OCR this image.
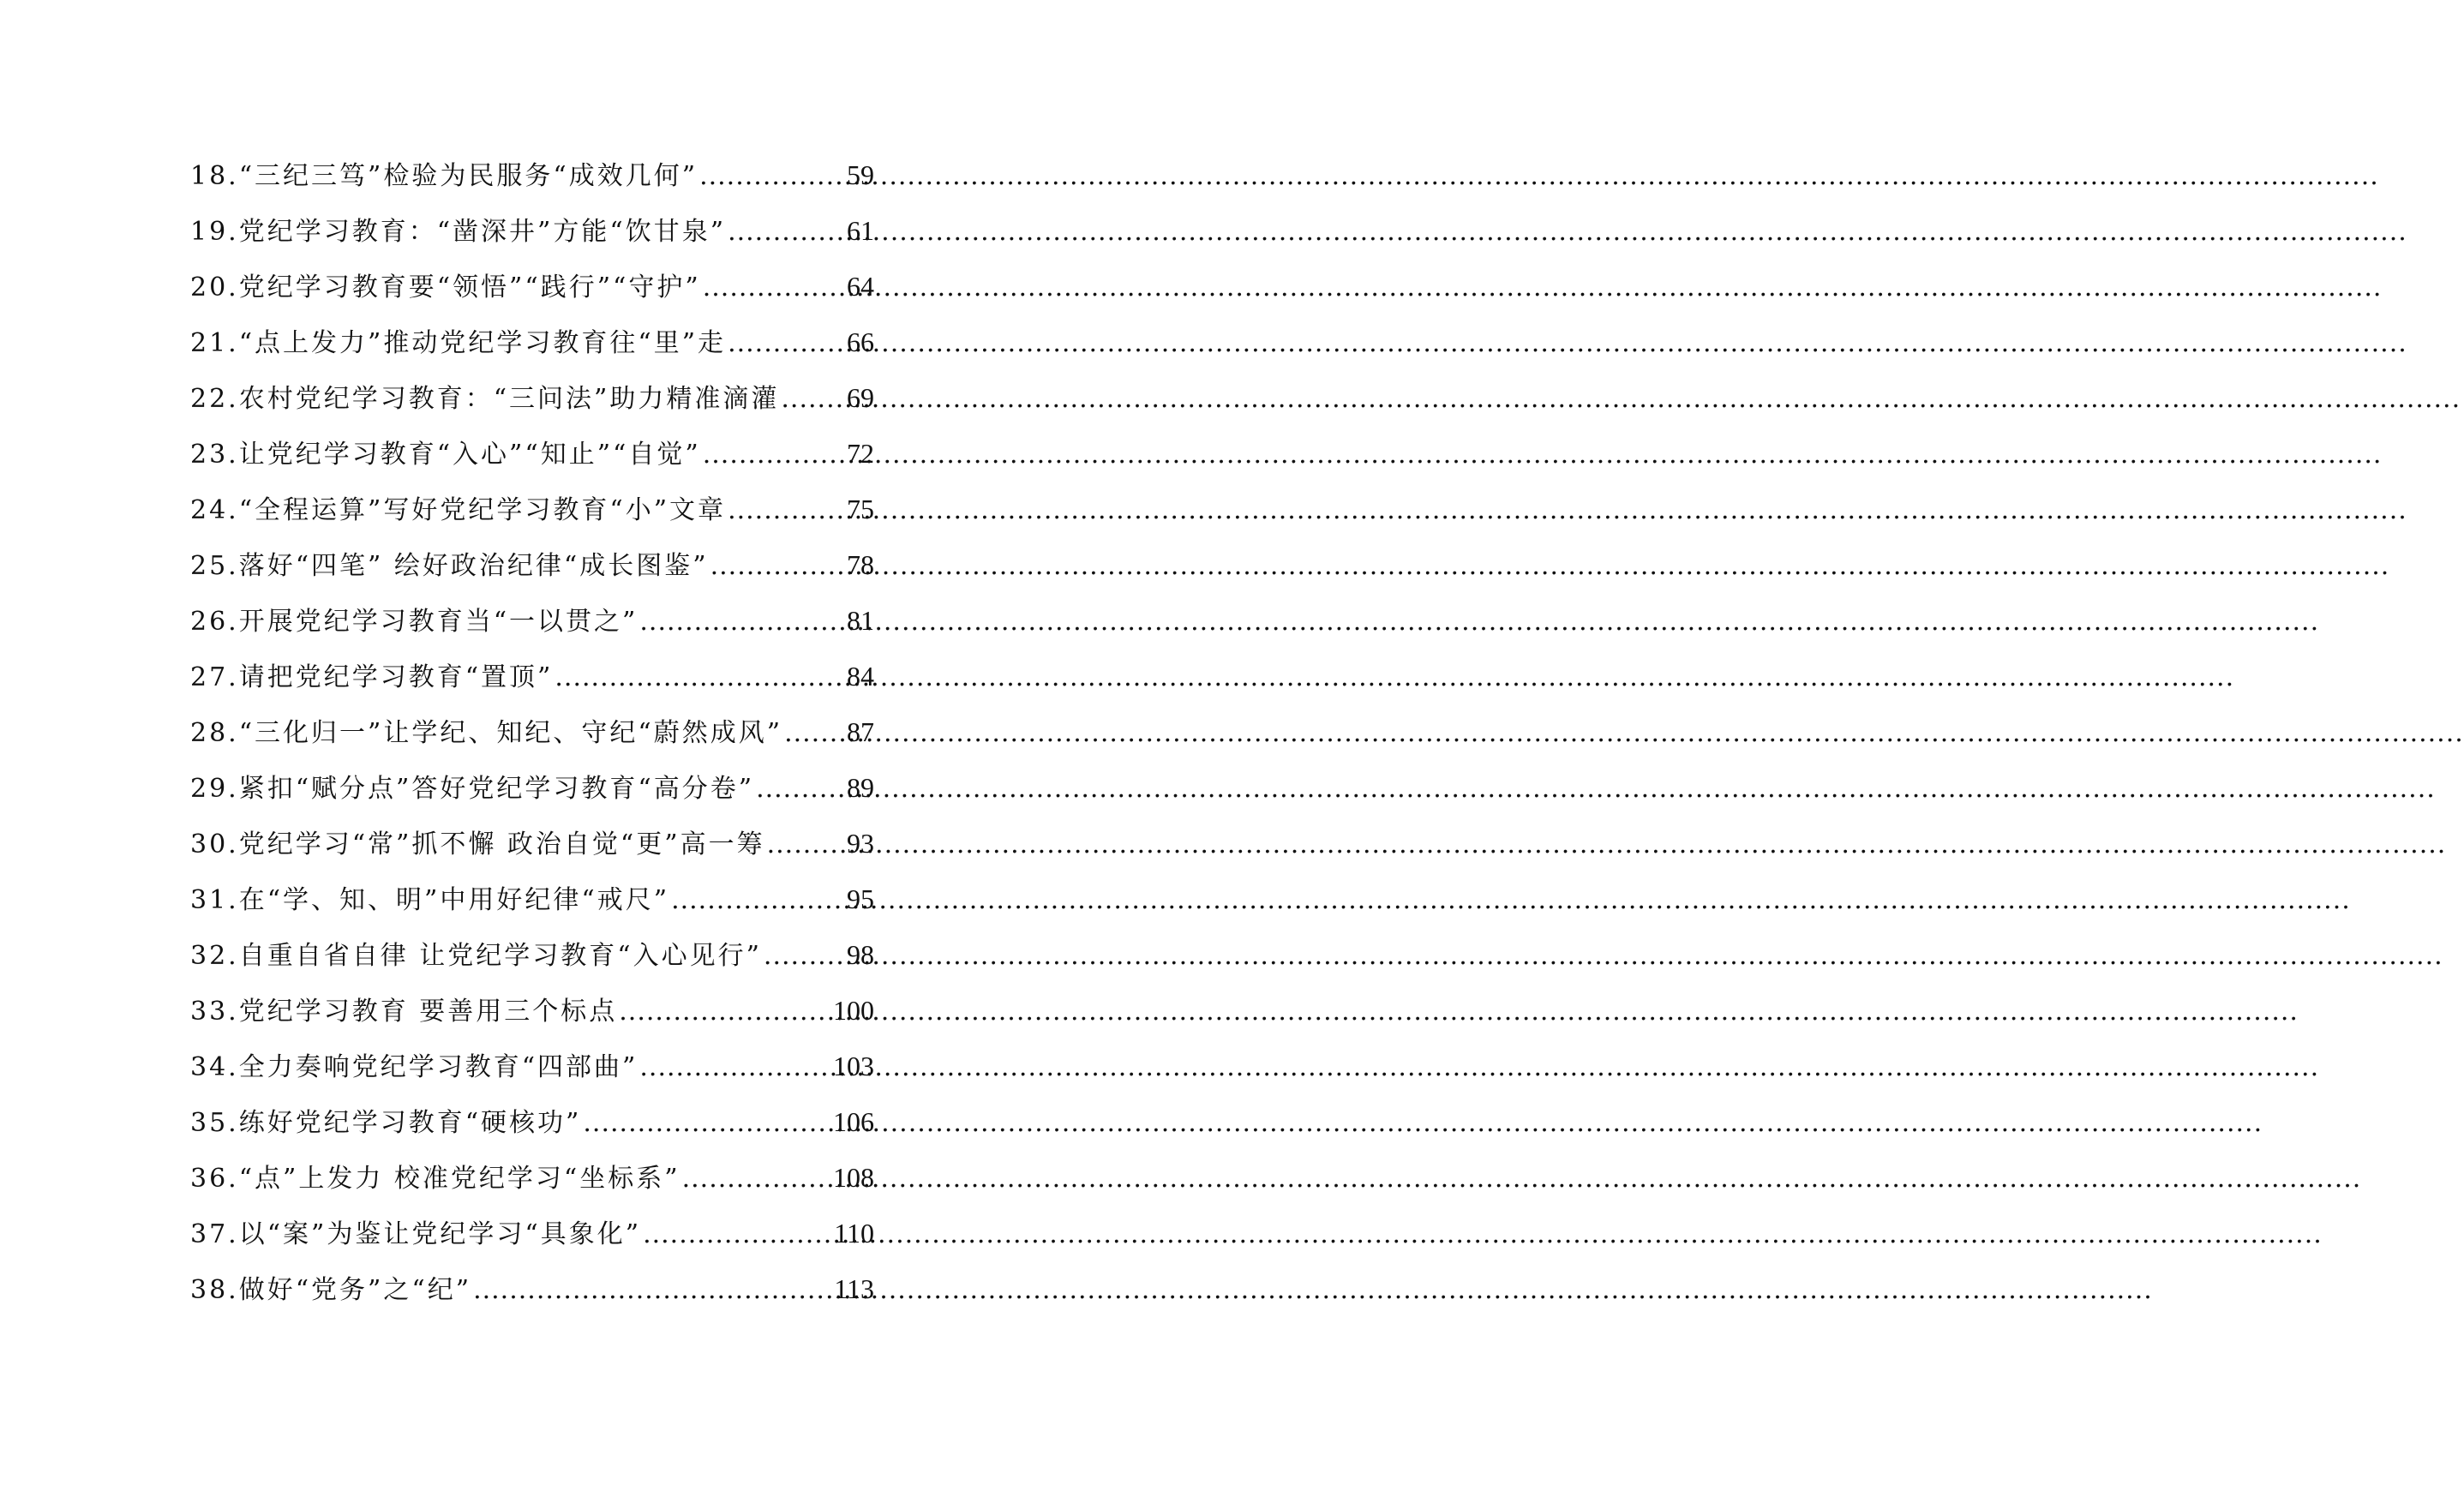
18.“三纪三笃”检验为民服务“成效几何” .....	59
19.党纪学习教育：“凿深井”方能“饮甘泉” .....	61
20.党纪学习教育要“领悟”“践行”“守护” .....	64
21.“点上发力”推动党纪学习教育往“里”走 .....	66
22.农村党纪学习教育：“三问法”助力精准滴灌 ..... 69
23.让党纪学习教育“入心”“知止”“自觉” .....	72
24.“全程运算”写好党纪学习教育“小”文章 .....	75
25.落好“四笔” 绘好政治纪律“成长图鉴” .....	78
26.开展党纪学习教育当“一以贯之” .....	81
27.请把党纪学习教育“置顶” .....	84
28.“三化归一”让学纪、知纪、守纪“蔚然成风” ..... 87
29.紧扣“赋分点”答好党纪学习教育“高分卷” .....	89
30.党纪学习“常”抓不懈 政治自觉“更”高一筹 .....	93
31.在“学、知、明”中用好纪律“戒尺” .....	95
32.自重自省自律 让党纪学习教育“入心见行” .....	98
33.党纪学习教育 要善用三个标点 .....	100
34.全力奏响党纪学习教育“四部曲” .....	103
35.练好党纪学习教育“硬核功” .....	106
36.“点”上发力 校准党纪学习“坐标系” .....	108
37.以“案”为鉴让党纪学习“具象化” .....	110
38.做好“党务”之“纪” .....	113
